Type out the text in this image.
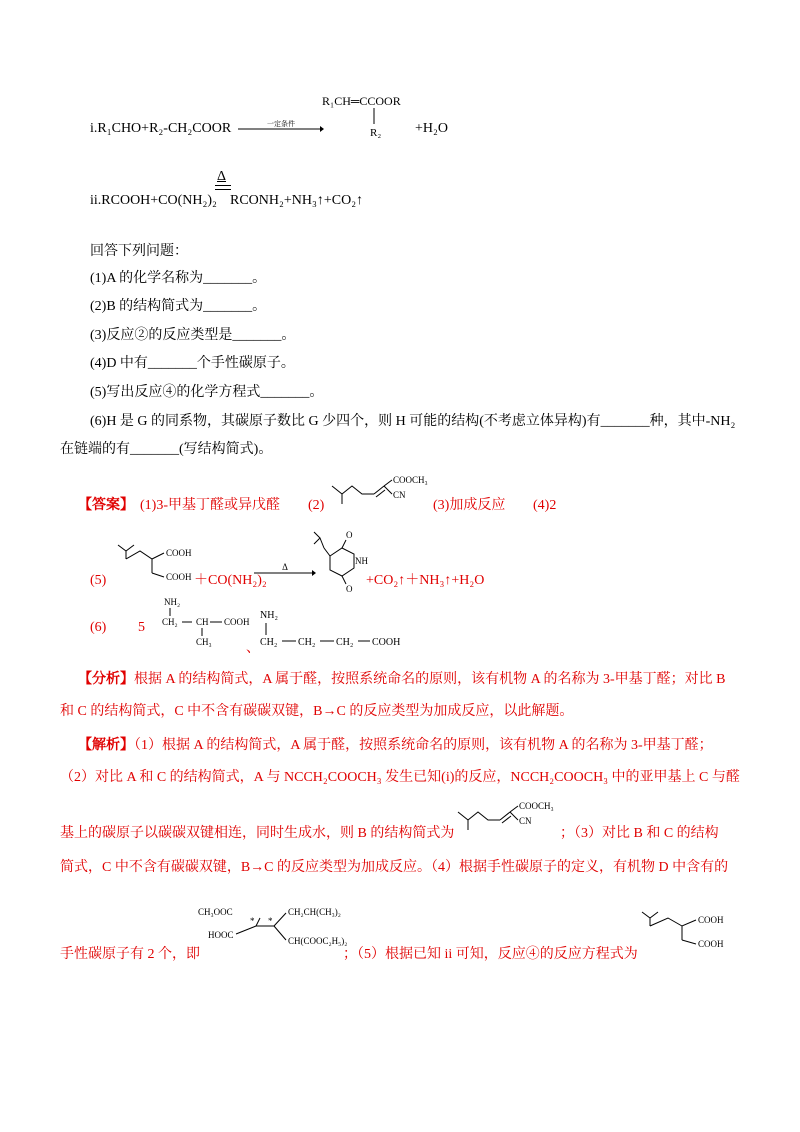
i.R₁CHO+R₂-CH₂COOR	一定条件
R₁CH═CCOOR
R₂ +H₂O
Δ
ii.RCOOH+CO(NH₂)₂ RCONH₂+NH₃↑+CO₂↑
回答下列问题：
(1)A 的化学名称为_______。
(2)B 的结构简式为_______。
(3)反应②的反应类型是_______。
(4)D 中有_______个手性碳原子。
(5)写出反应④的化学方程式_______。
(6)H 是 G 的同系物，其碳原子数比 G 少四个，则 H 可能的结构(不考虑立体异构)有_______种，其中-NH₂
在链端的有_______(写结构简式)。
【答案】 (1)3-甲基丁醛或异戊醛 (2)
COOCH₃
CN
(3)加成反应 (4)2
(5)
COOH
COOH ＋CO(NH₂)₂
Δ
O
NH
O
+CO₂↑＋NH₃↑+H₂O
(6) 5
NH₂
CH₂ CH COOH
CH₃ 、
NH₂
CH₂ CH₂ CH₂ COOH
【分析】根据 A 的结构简式，A 属于醛，按照系统命名的原则，该有机物 A 的名称为 3-甲基丁醛；对比 B
和 C 的结构简式，C 中不含有碳碳双键，B→C 的反应类型为加成反应，以此解题。
【解析】（1）根据 A 的结构简式，A 属于醛，按照系统命名的原则，该有机物 A 的名称为 3-甲基丁醛；
（2）对比 A 和 C 的结构简式，A 与 NCCH₂COOCH₃ 发生已知(i)的反应，NCCH₂COOCH₃ 中的亚甲基上 C 与醛
基上的碳原子以碳碳双键相连，同时生成水，则 B 的结构简式为
COOCH₃
CN
；（3）对比 B 和 C 的结构
简式，C 中不含有碳碳双键，B→C 的反应类型为加成反应。（4）根据手性碳原子的定义，有机物 D 中含有的
手性碳原子有 2 个，即
CH₃OOC	CH₂CH(CH₃)₂
HOOC
CH(COOC₂H₅)₂
* *
；（5）根据已知 ii 可知，反应④的反应方程式为
COOH
COOH
